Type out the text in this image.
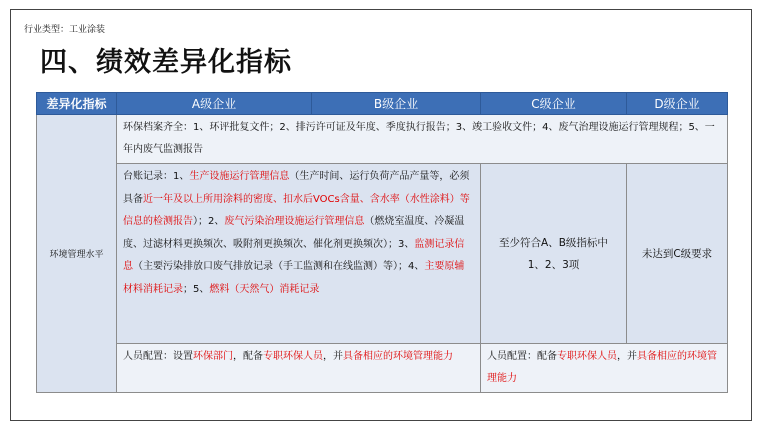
行业类型：工业涂装
四、绩效差异化指标
差异化指标	A级企业	B级企业	C级企业	D级企业
环境管理水平	环保档案齐全：1、环评批复文件；2、排污许可证及年度、季度执行报告；3、竣工验收文件；4、废气治理设施运行管理规程；5、一年内废气监测报告			
	台账记录：1、生产设施运行管理信息（生产时间、运行负荷产品产量等，必须具备近一年及以上所用涂料的密度、扣水后VOCs含量、含水率（水性涂料）等信息的检测报告）；2、废气污染治理设施运行管理信息（燃烧室温度、冷凝温度、过滤材料更换频次、吸附剂更换频次、催化剂更换频次）；3、监测记录信息（主要污染排放口废气排放记录（手工监测和在线监测）等）；4、主要原辅材料消耗记录；5、燃料（天然气）消耗记录		至少符合A、B级指标中1、2、3项	未达到C级要求
	人员配置：设置环保部门，配备专职环保人员，并具备相应的环境管理能力		人员配置：配备专职环保人员，并具备相应的环境管理能力	
